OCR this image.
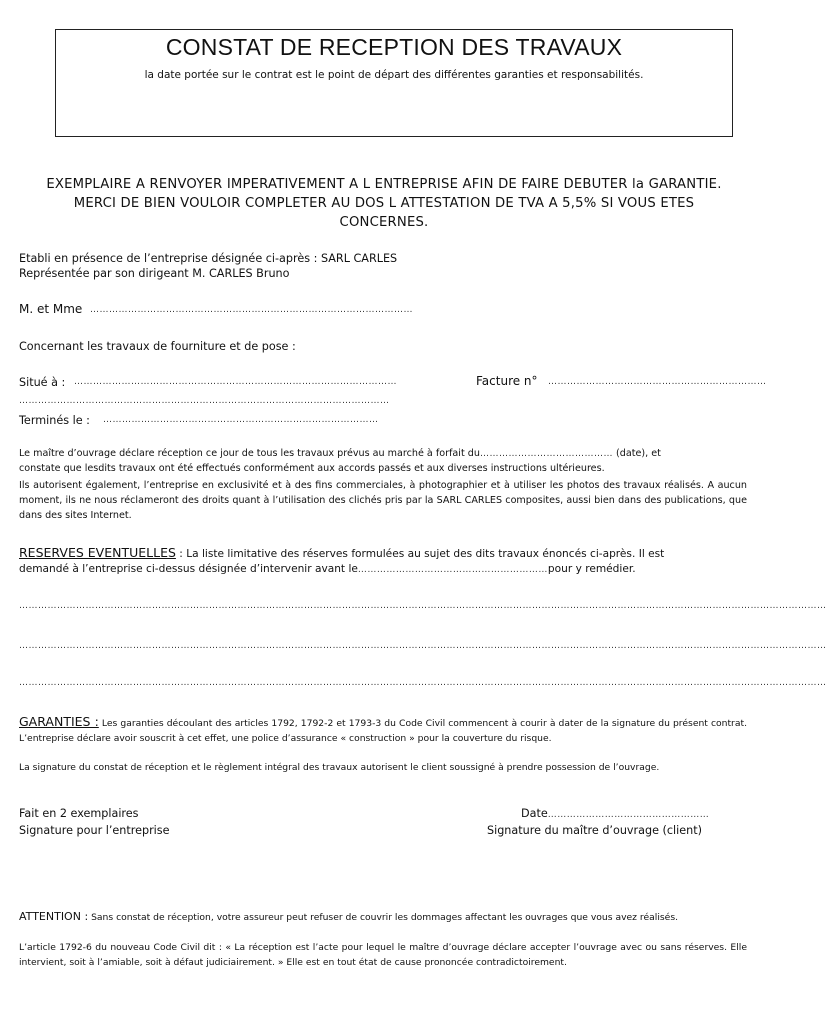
CONSTAT DE RECEPTION DES TRAVAUX
la date portée sur le contrat est le point de départ des différentes garanties et responsabilités.
EXEMPLAIRE A RENVOYER IMPERATIVEMENT A L ENTREPRISE AFIN DE FAIRE DEBUTER la GARANTIE. MERCI DE BIEN VOULOIR COMPLETER AU DOS L ATTESTATION DE TVA A 5,5% SI VOUS ETES CONCERNES.
Etabli en présence de l’entreprise désignée ci-après : SARL CARLES
Représentée par son dirigeant M. CARLES Bruno
M. et Mme …………………………………………………………………………………………
Concernant les travaux de fourniture et de pose :
Situé à : …………………………………………………………………………………………	Facture n° ……………………………………………………………
………………………………………………………………………………………………………
Terminés le : ……………………………………………………………………………
Le maître d’ouvrage déclare réception ce jour de tous les travaux prévus au marché à forfait du…………………………………… (date), et
constate que lesdits travaux ont été effectués conformément aux accords passés et aux diverses instructions ultérieures.
Ils autorisent également, l’entreprise en exclusivité et à des fins commerciales, à photographier et à utiliser les photos des travaux réalisés. A aucun moment, ils ne nous réclameront des droits quant à l’utilisation des clichés pris par la SARL CARLES composites, aussi bien dans des publications, que dans des sites Internet.
RESERVES EVENTUELLES : La liste limitative des réserves formulées au sujet des dits travaux énoncés ci-après. Il est
demandé à l’entreprise ci-dessus désignée d’intervenir avant le……………………………………………………pour y remédier.
…………………………………………………………………………………………………………………………………………………………………………………………………………………………………
…………………………………………………………………………………………………………………………………………………………………………………………………………………………………
…………………………………………………………………………………………………………………………………………………………………………………………………………………………………
GARANTIES : Les garanties découlant des articles 1792, 1792-2 et 1793-3 du Code Civil commencent à courir à dater de la signature du présent contrat. L’entreprise déclare avoir souscrit à cet effet, une police d’assurance « construction » pour la couverture du risque.
La signature du constat de réception et le règlement intégral des travaux autorisent le client soussigné à prendre possession de l’ouvrage.
Fait en 2 exemplaires	Date……………………………………………
Signature pour l’entreprise	Signature du maître d’ouvrage (client)
ATTENTION : Sans constat de réception, votre assureur peut refuser de couvrir les dommages affectant les ouvrages que vous avez réalisés.
L’article 1792-6 du nouveau Code Civil dit : « La réception est l’acte pour lequel le maître d’ouvrage déclare accepter l’ouvrage avec ou sans réserves. Elle intervient, soit à l’amiable, soit à défaut judiciairement. » Elle est en tout état de cause prononcée contradictoirement.
